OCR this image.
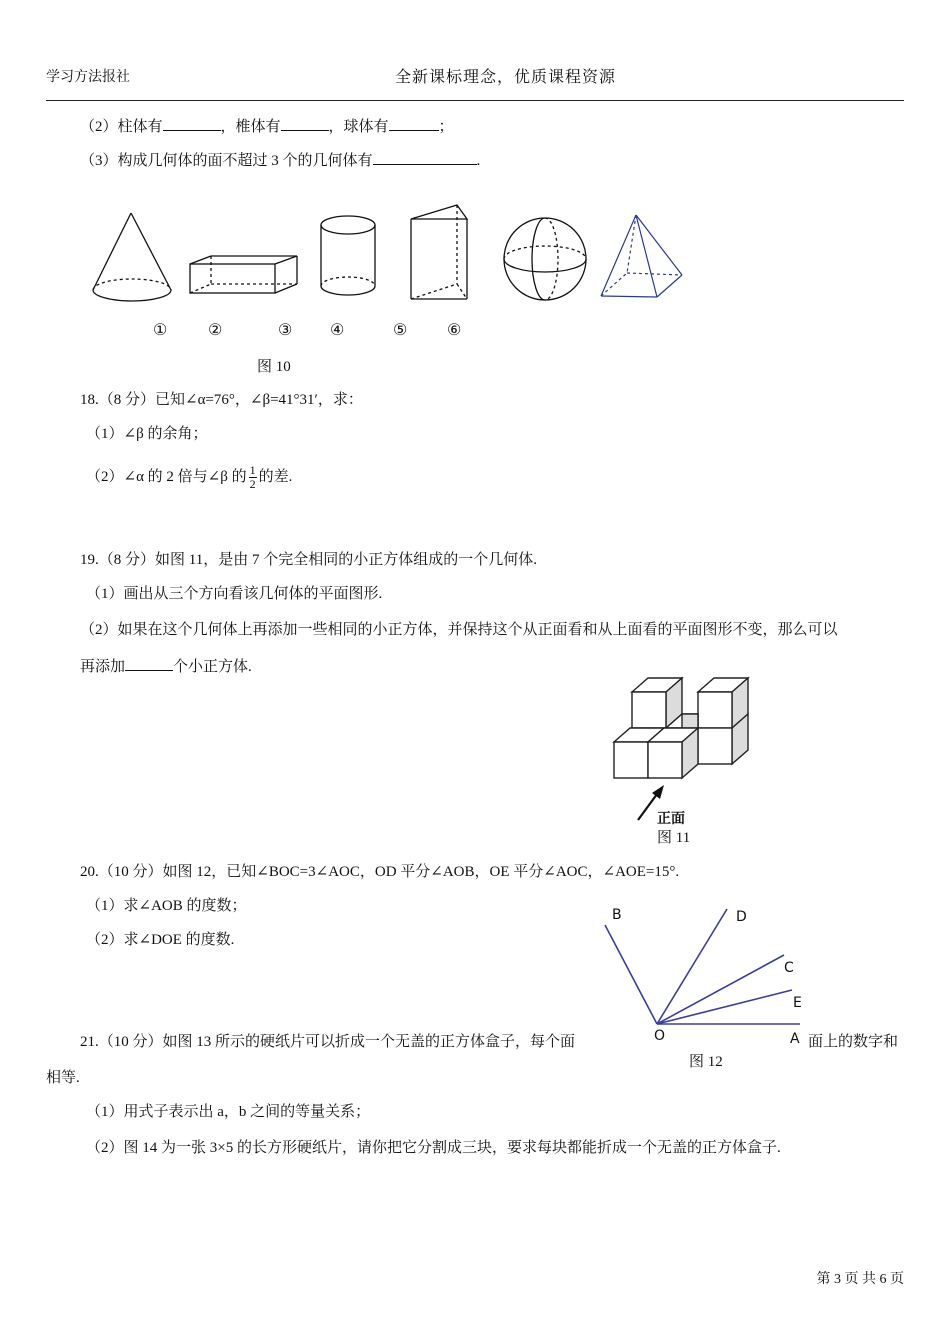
学习方法报社	全新课标理念，优质课程资源
（2）柱体有	，椎体有	，球体有	；
（3）构成几何体的面不超过 3 个的几何体有	.
①	②	③ ④	⑤ ⑥
图 10
18.（8 分）已知∠α=76°，∠β=41°31′，求：
（1）∠β 的余角；
（2）∠α 的 2 倍与∠β 的 $\frac{1}{2}$ 的差.
19.（8 分）如图 11，是由 7 个完全相同的小正方体组成的一个几何体.
（1）画出从三个方向看该几何体的平面图形.
（2）如果在这个几何体上再添加一些相同的小正方体，并保持这个从正面看和从上面看的平面图形不变，那么可以
再添加	个小正方体.
正面
图 11
20.（10 分）如图 12，已知∠BOC=3∠AOC，OD 平分∠AOB，OE 平分∠AOC，∠AOE=15°.
（1）求∠AOB 的度数；
（2）求∠DOE 的度数.
B	D
C
E
O	A
图 12
21.（10 分）如图 13 所示的硬纸片可以折成一个无盖的正方体盒子，每个面	面上的数字和
相等.
（1）用式子表示出 a，b 之间的等量关系；
（2）图 14 为一张 3×5 的长方形硬纸片，请你把它分割成三块，要求每块都能折成一个无盖的正方体盒子.
第 3 页 共 6 页
